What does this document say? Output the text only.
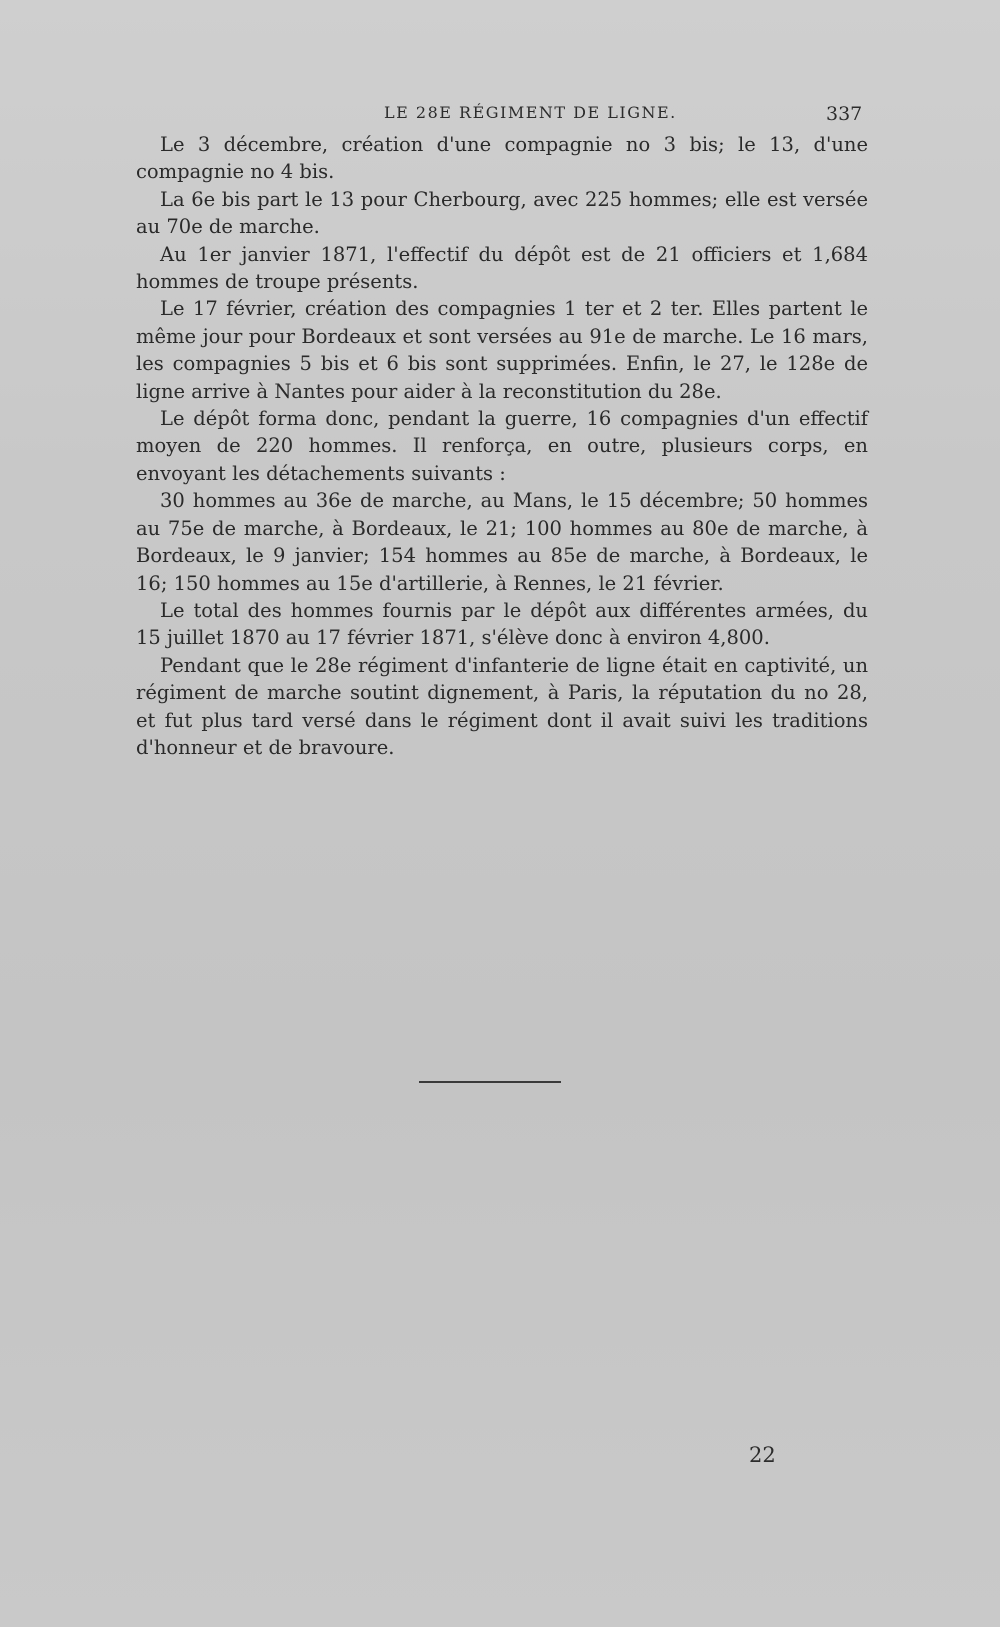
LE 28E RÉGIMENT DE LIGNE.	337

Le 3 décembre, création d'une compagnie no 3 bis; le 13, d'une compagnie no 4 bis.

La 6e bis part le 13 pour Cherbourg, avec 225 hommes; elle est versée au 70e de marche.

Au 1er janvier 1871, l'effectif du dépôt est de 21 officiers et 1,684 hommes de troupe présents.

Le 17 février, création des compagnies 1 ter et 2 ter. Elles partent le même jour pour Bordeaux et sont versées au 91e de marche. Le 16 mars, les compagnies 5 bis et 6 bis sont supprimées. Enfin, le 27, le 128e de ligne arrive à Nantes pour aider à la reconstitution du 28e.

Le dépôt forma donc, pendant la guerre, 16 compagnies d'un effectif moyen de 220 hommes. Il renforça, en outre, plusieurs corps, en envoyant les détachements suivants :

30 hommes au 36e de marche, au Mans, le 15 décembre; 50 hommes au 75e de marche, à Bordeaux, le 21; 100 hommes au 80e de marche, à Bordeaux, le 9 janvier; 154 hommes au 85e de marche, à Bordeaux, le 16; 150 hommes au 15e d'artillerie, à Rennes, le 21 février.

Le total des hommes fournis par le dépôt aux différentes armées, du 15 juillet 1870 au 17 février 1871, s'élève donc à environ 4,800.

Pendant que le 28e régiment d'infanterie de ligne était en captivité, un régiment de marche soutint dignement, à Paris, la réputation du no 28, et fut plus tard versé dans le régiment dont il avait suivi les traditions d'honneur et de bravoure.

22
